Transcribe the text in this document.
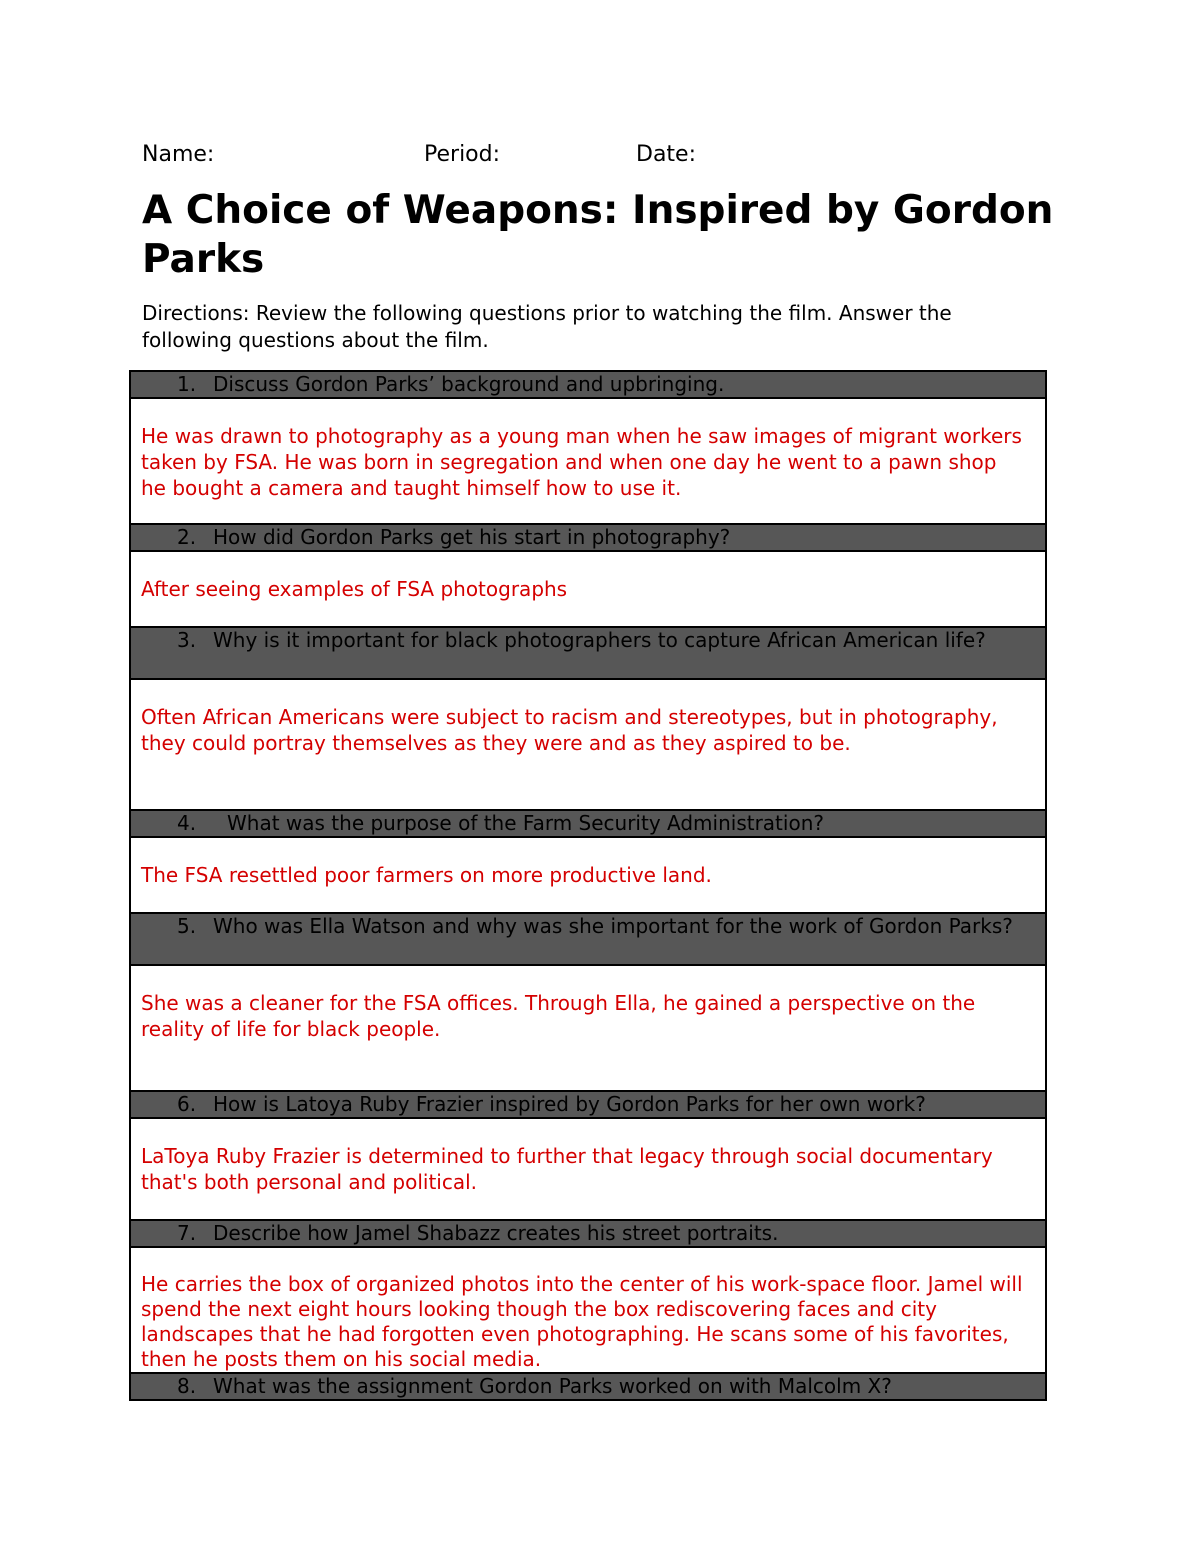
Name:	Period:	Date:
A Choice of Weapons: Inspired by Gordon Parks

Directions: Review the following questions prior to watching the film. Answer the following questions about the film.

1. Discuss Gordon Parks’ background and upbringing.

He was drawn to photography as a young man when he saw images of migrant workers taken by FSA. He was born in segregation and when one day he went to a pawn shop he bought a camera and taught himself how to use it.

2. How did Gordon Parks get his start in photography?

After seeing examples of FSA photographs

3. Why is it important for black photographers to capture African American life?

Often African Americans were subject to racism and stereotypes, but in photography, they could portray themselves as they were and as they aspired to be.

4. What was the purpose of the Farm Security Administration?

The FSA resettled poor farmers on more productive land.

5. Who was Ella Watson and why was she important for the work of Gordon Parks?

She was a cleaner for the FSA offices. Through Ella, he gained a perspective on the reality of life for black people.

6. How is Latoya Ruby Frazier inspired by Gordon Parks for her own work?

LaToya Ruby Frazier is determined to further that legacy through social documentary that's both personal and political.

7. Describe how Jamel Shabazz creates his street portraits.

He carries the box of organized photos into the center of his work-space floor. Jamel will spend the next eight hours looking though the box rediscovering faces and city landscapes that he had forgotten even photographing. He scans some of his favorites, then he posts them on his social media.

8. What was the assignment Gordon Parks worked on with Malcolm X?
